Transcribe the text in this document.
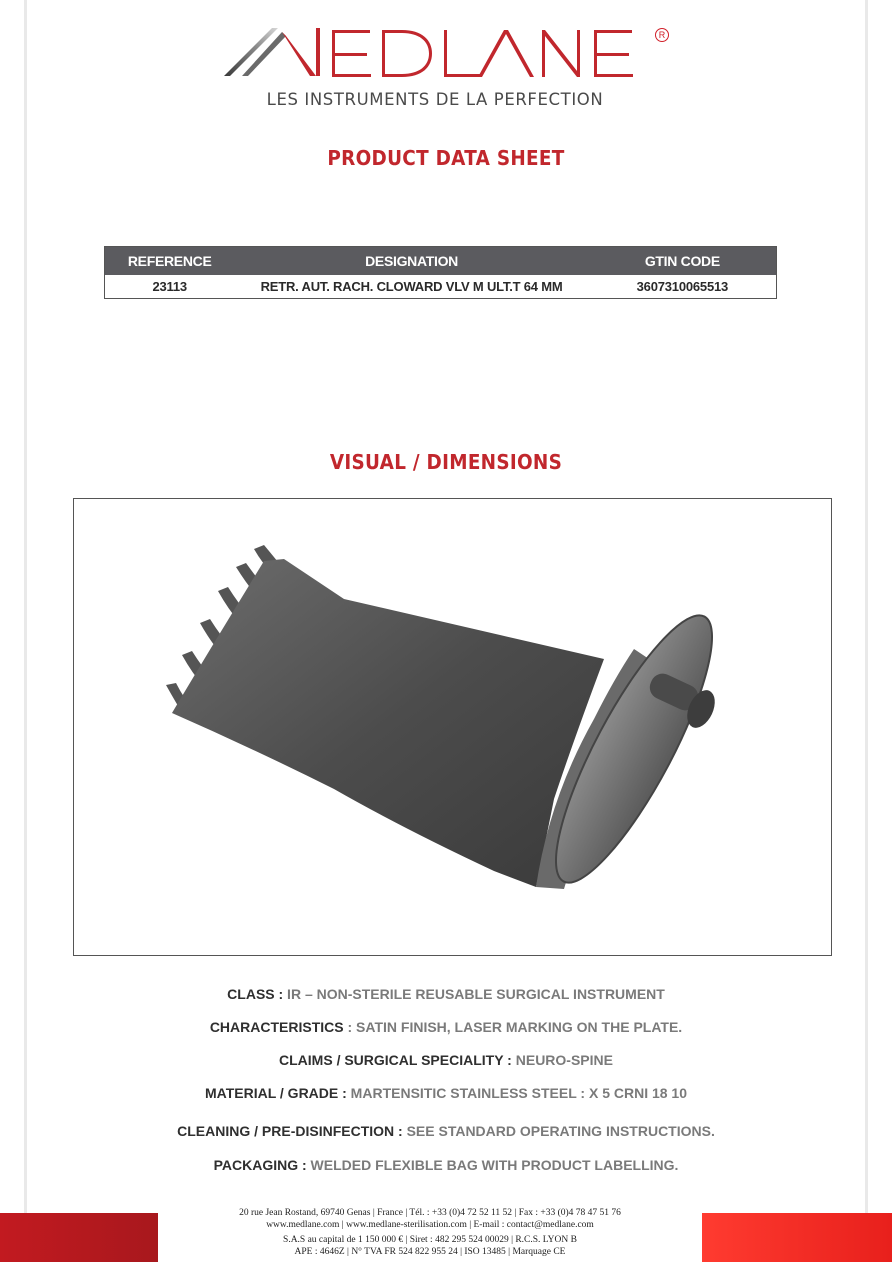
R
LES INSTRUMENTS DE LA PERFECTION
PRODUCT DATA SHEET
REFERENCE	DESIGNATION	GTIN CODE
23113	RETR. AUT. RACH. CLOWARD VLV M ULT.T 64 MM	3607310065513
VISUAL / DIMENSIONS
CLASS : IR – NON-STERILE REUSABLE SURGICAL INSTRUMENT
CHARACTERISTICS : SATIN FINISH, LASER MARKING ON THE PLATE.
CLAIMS / SURGICAL SPECIALITY : NEURO-SPINE
MATERIAL / GRADE : MARTENSITIC STAINLESS STEEL : X 5 CRNI 18 10
CLEANING / PRE-DISINFECTION : SEE STANDARD OPERATING INSTRUCTIONS.
PACKAGING : WELDED FLEXIBLE BAG WITH PRODUCT LABELLING.
20 rue Jean Rostand, 69740 Genas | France | Tél. : +33 (0)4 72 52 11 52 | Fax : +33 (0)4 78 47 51 76
www.medlane.com | www.medlane-sterilisation.com | E-mail : contact@medlane.com
S.A.S au capital de 1 150 000 € | Siret : 482 295 524 00029 | R.C.S. LYON B
APE : 4646Z | N° TVA FR 524 822 955 24 | ISO 13485 | Marquage CE
